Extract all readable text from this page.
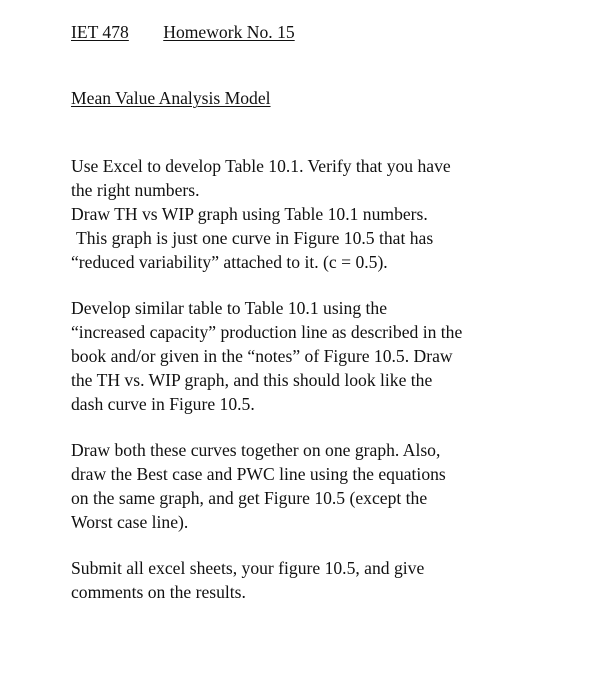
IET 478 Homework No. 15
Mean Value Analysis Model
Use Excel to develop Table 10.1. Verify that you have
the right numbers.
Draw TH vs WIP graph using Table 10.1 numbers.
This graph is just one curve in Figure 10.5 that has
“reduced variability” attached to it. (c = 0.5).
Develop similar table to Table 10.1 using the
“increased capacity” production line as described in the
book and/or given in the “notes” of Figure 10.5. Draw
the TH vs. WIP graph, and this should look like the
dash curve in Figure 10.5.
Draw both these curves together on one graph. Also,
draw the Best case and PWC line using the equations
on the same graph, and get Figure 10.5 (except the
Worst case line).
Submit all excel sheets, your figure 10.5, and give
comments on the results.
